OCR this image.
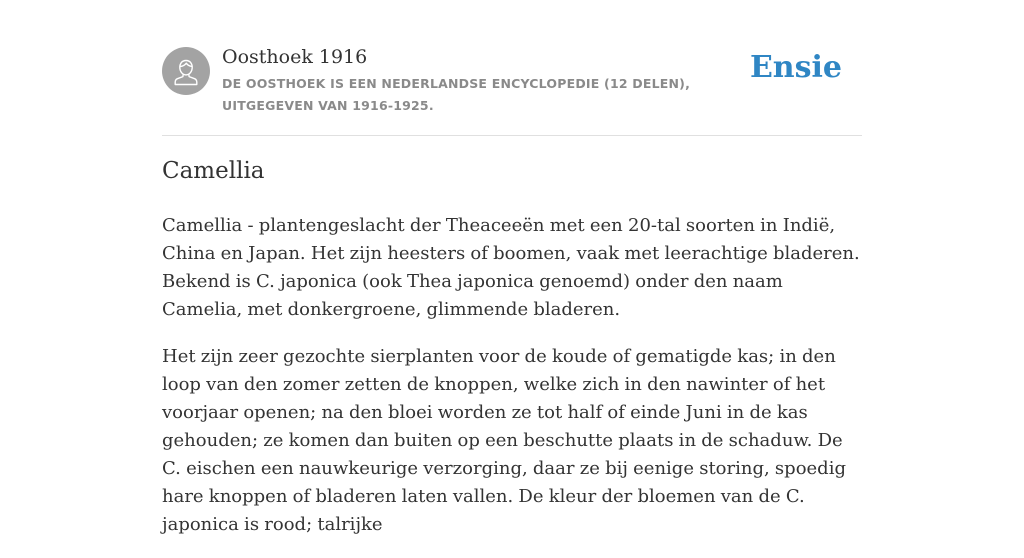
Oosthoek 1916
DE OOSTHOEK IS EEN NEDERLANDSE ENCYCLOPEDIE (12 DELEN), UITGEGEVEN VAN 1916-1925.
Ensie
Camellia

Camellia - plantengeslacht der Theaceeën met een 20-tal soorten in Indië, China en Japan. Het zijn heesters of boomen, vaak met leerachtige bladeren. Bekend is C. japonica (ook Thea japonica genoemd) onder den naam Camelia, met donkergroene, glimmende bladeren.

Het zijn zeer gezochte sierplanten voor de koude of gematigde kas; in den loop van den zomer zetten de knoppen, welke zich in den nawinter of het voorjaar openen; na den bloei worden ze tot half of einde Juni in de kas gehouden; ze komen dan buiten op een beschutte plaats in de schaduw. De C. eischen een nauwkeurige verzorging, daar ze bij eenige storing, spoedig hare knoppen of bladeren laten vallen. De kleur der bloemen van de C. japonica is rood; talrijke
